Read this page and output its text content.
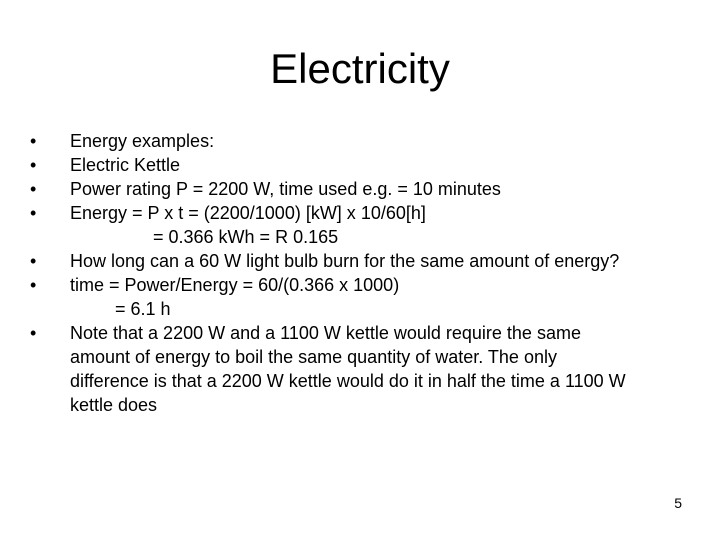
Electricity
•	Energy examples:
•	Electric Kettle
•	Power rating P = 2200 W, time used e.g. = 10 minutes
•	Energy = P x t = (2200/1000) [kW] x 10/60[h]
= 0.366 kWh = R 0.165
•	How long can a 60 W light bulb burn for the same amount of energy?
•	time = Power/Energy = 60/(0.366 x 1000)
= 6.1 h
•	Note that a 2200 W and a 1100 W kettle would require the same
amount of energy to boil the same quantity of water. The only
difference is that a 2200 W kettle would do it in half the time a 1100 W
kettle does
5
